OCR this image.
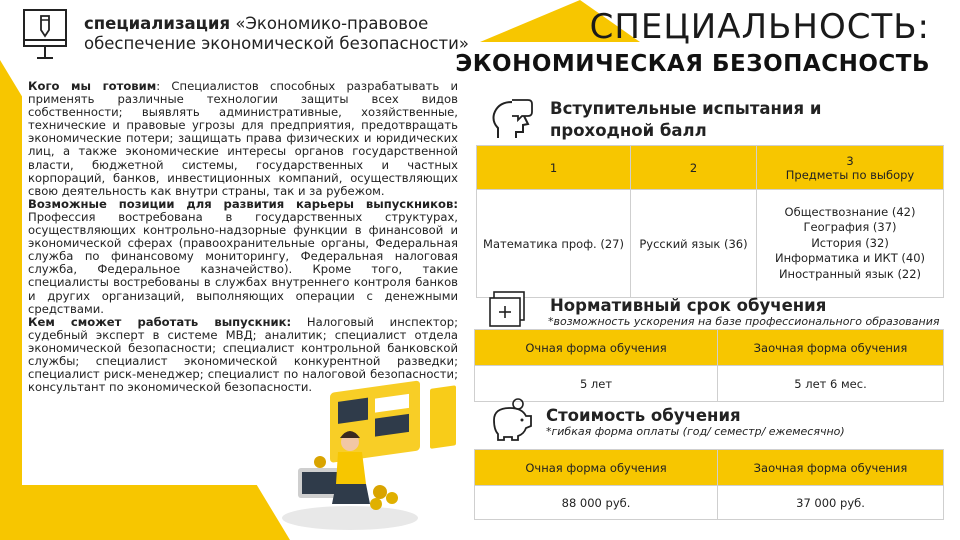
специализация «Экономико-правовое обеспечение экономической безопасности»	СПЕЦИАЛЬНОСТЬ:
ЭКОНОМИЧЕСКАЯ БЕЗОПАСНОСТЬ

Кого мы готовим: Специалистов способных разрабатывать и применять различные технологии защиты всех видов собственности; выявлять административные, хозяйственные, технические и правовые угрозы для предприятия, предотвращать экономические потери; защищать права физических и юридических лиц, а также экономические интересы органов государственной власти, бюджетной системы, государственных и частных корпораций, банков, инвестиционных компаний, осуществляющих свою деятельность как внутри страны, так и за рубежом.

Возможные позиции для развития карьеры выпускников: Профессия востребована в государственных структурах, осуществляющих контрольно-надзорные функции в финансовой и экономической сферах (правоохранительные органы, Федеральная служба по финансовому мониторингу, Федеральная налоговая служба, Федеральное казначейство). Кроме того, такие специалисты востребованы в службах внутреннего контроля банков и других организаций, выполняющих операции с денежными средствами.

Кем сможет работать выпускник: Налоговый инспектор; судебный эксперт в системе МВД; аналитик; специалист отдела экономической безопасности; специалист контрольной банковской службы; специалист экономической конкурентной разведки; специалист риск-менеджер; специалист по налоговой безопасности; консультант по экономической безопасности.

Вступительные испытания и проходной балл
1	2	3
Предметы по выбору

Математика проф. (27)	Русский язык (36)	Обществознание (42)
География (37)
История (32)
Информатика и ИКТ (40)
Иностранный язык (22)
Нормативный срок обучения
*возможность ускорения на базе профессионального образования
Очная форма обучения	Заочная форма обучения
5 лет	5 лет 6 мес.
Стоимость обучения
*гибкая форма оплаты (год/ семестр/ ежемесячно)
Очная форма обучения	Заочная форма обучения
88 000 руб.	37 000 руб.
